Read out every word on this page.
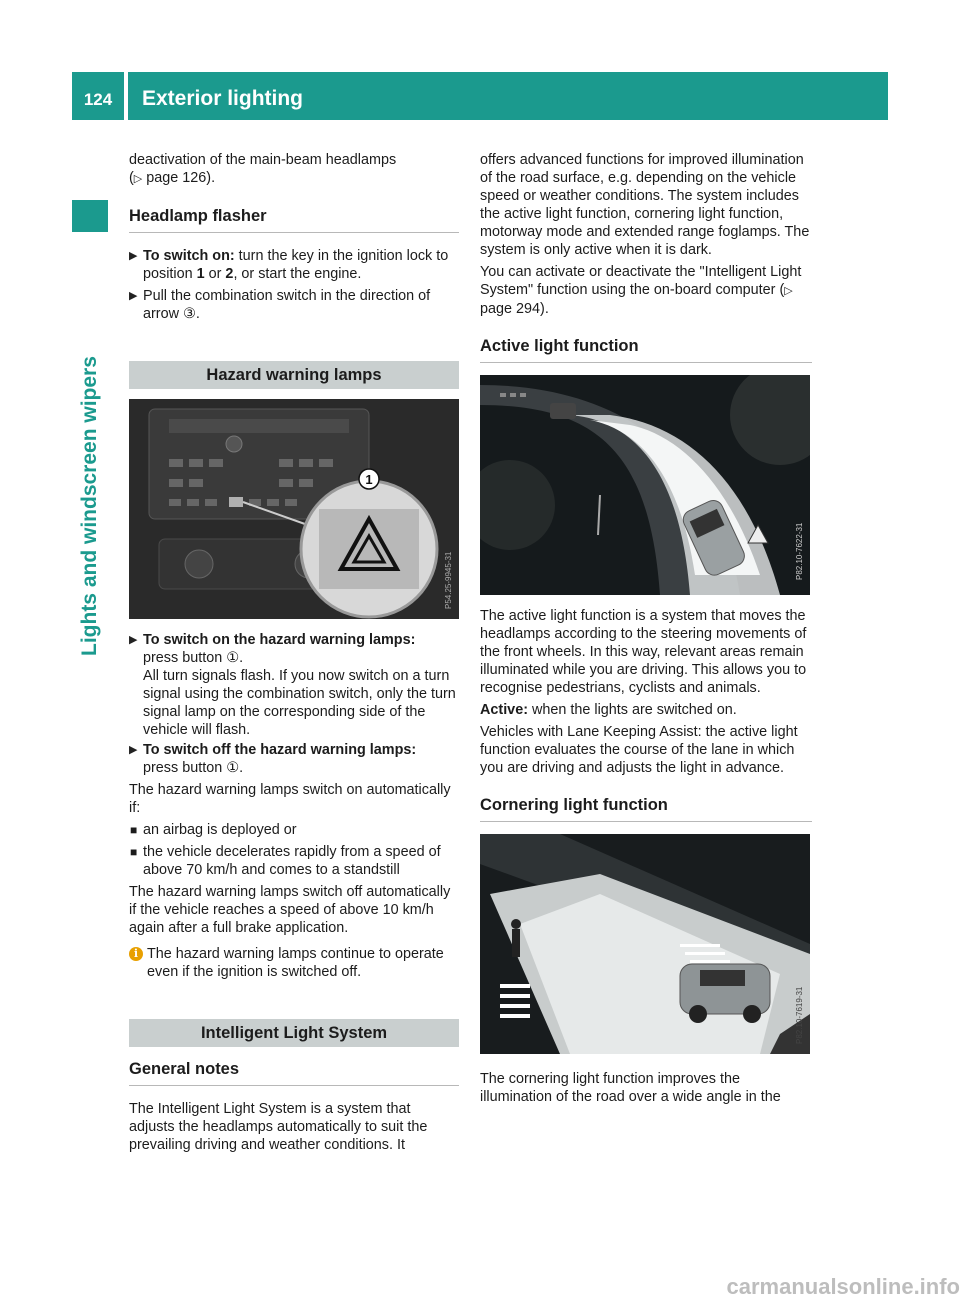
124	Exterior lighting
Lights and windscreen wipers

deactivation of the main-beam headlamps
(▷ page 126).

Headlamp flasher
▶ To switch on: turn the key in the ignition lock to position 1 or 2, or start the engine.
▶ Pull the combination switch in the direction of arrow ③.
Hazard warning lamps
1
P54.25-9945-31
▶ To switch on the hazard warning lamps:
press button ①.
All turn signals flash. If you now switch on a turn signal using the combination switch, only the turn signal lamp on the corresponding side of the vehicle will flash.
▶ To switch off the hazard warning lamps:
press button ①.

The hazard warning lamps switch on automatically if:

■ an airbag is deployed or
■ the vehicle decelerates rapidly from a speed of above 70 km/h and comes to a standstill

The hazard warning lamps switch off automatically if the vehicle reaches a speed of above 10 km/h again after a full brake application.

i The hazard warning lamps continue to operate even if the ignition is switched off.
Intelligent Light System
General notes

The Intelligent Light System is a system that adjusts the headlamps automatically to suit the prevailing driving and weather conditions. It

offers advanced functions for improved illumination of the road surface, e.g. depending on the vehicle speed or weather conditions. The system includes the active light function, cornering light function, motorway mode and extended range foglamps. The system is only active when it is dark.

You can activate or deactivate the "Intelligent Light System" function using the on-board computer (▷ page 294).

Active light function
P82.10-7622-31

The active light function is a system that moves the headlamps according to the steering movements of the front wheels. In this way, relevant areas remain illuminated while you are driving. This allows you to recognise pedestrians, cyclists and animals.

Active: when the lights are switched on.

Vehicles with Lane Keeping Assist: the active light function evaluates the course of the lane in which you are driving and adjusts the light in advance.

Cornering light function
P82.10-7619-31

The cornering light function improves the illumination of the road over a wide angle in the

carmanualsonline.info
